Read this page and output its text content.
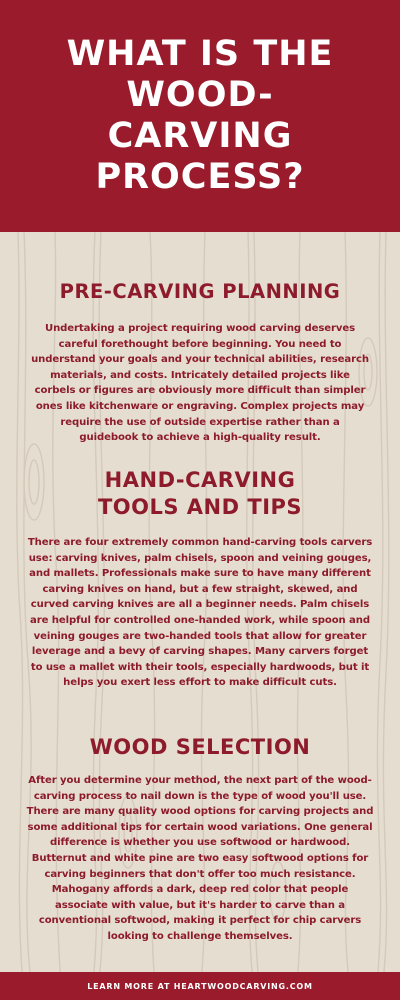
WHAT IS THE WOOD-CARVING PROCESS?
PRE-CARVING PLANNING

Undertaking a project requiring wood carving deserves careful forethought before beginning. You need to understand your goals and your technical abilities, research materials, and costs. Intricately detailed projects like corbels or figures are obviously more difficult than simpler ones like kitchenware or engraving. Complex projects may require the use of outside expertise rather than a guidebook to achieve a high-quality result.

HAND-CARVING TOOLS AND TIPS

There are four extremely common hand-carving tools carvers use: carving knives, palm chisels, spoon and veining gouges, and mallets. Professionals make sure to have many different carving knives on hand, but a few straight, skewed, and curved carving knives are all a beginner needs. Palm chisels are helpful for controlled one-handed work, while spoon and veining gouges are two-handed tools that allow for greater leverage and a bevy of carving shapes. Many carvers forget to use a mallet with their tools, especially hardwoods, but it helps you exert less effort to make difficult cuts.

WOOD SELECTION

After you determine your method, the next part of the wood-carving process to nail down is the type of wood you'll use. There are many quality wood options for carving projects and some additional tips for certain wood variations. One general difference is whether you use softwood or hardwood. Butternut and white pine are two easy softwood options for carving beginners that don't offer too much resistance. Mahogany affords a dark, deep red color that people associate with value, but it's harder to carve than a conventional softwood, making it perfect for chip carvers looking to challenge themselves.

LEARN MORE AT HEARTWOODCARVING.COM
